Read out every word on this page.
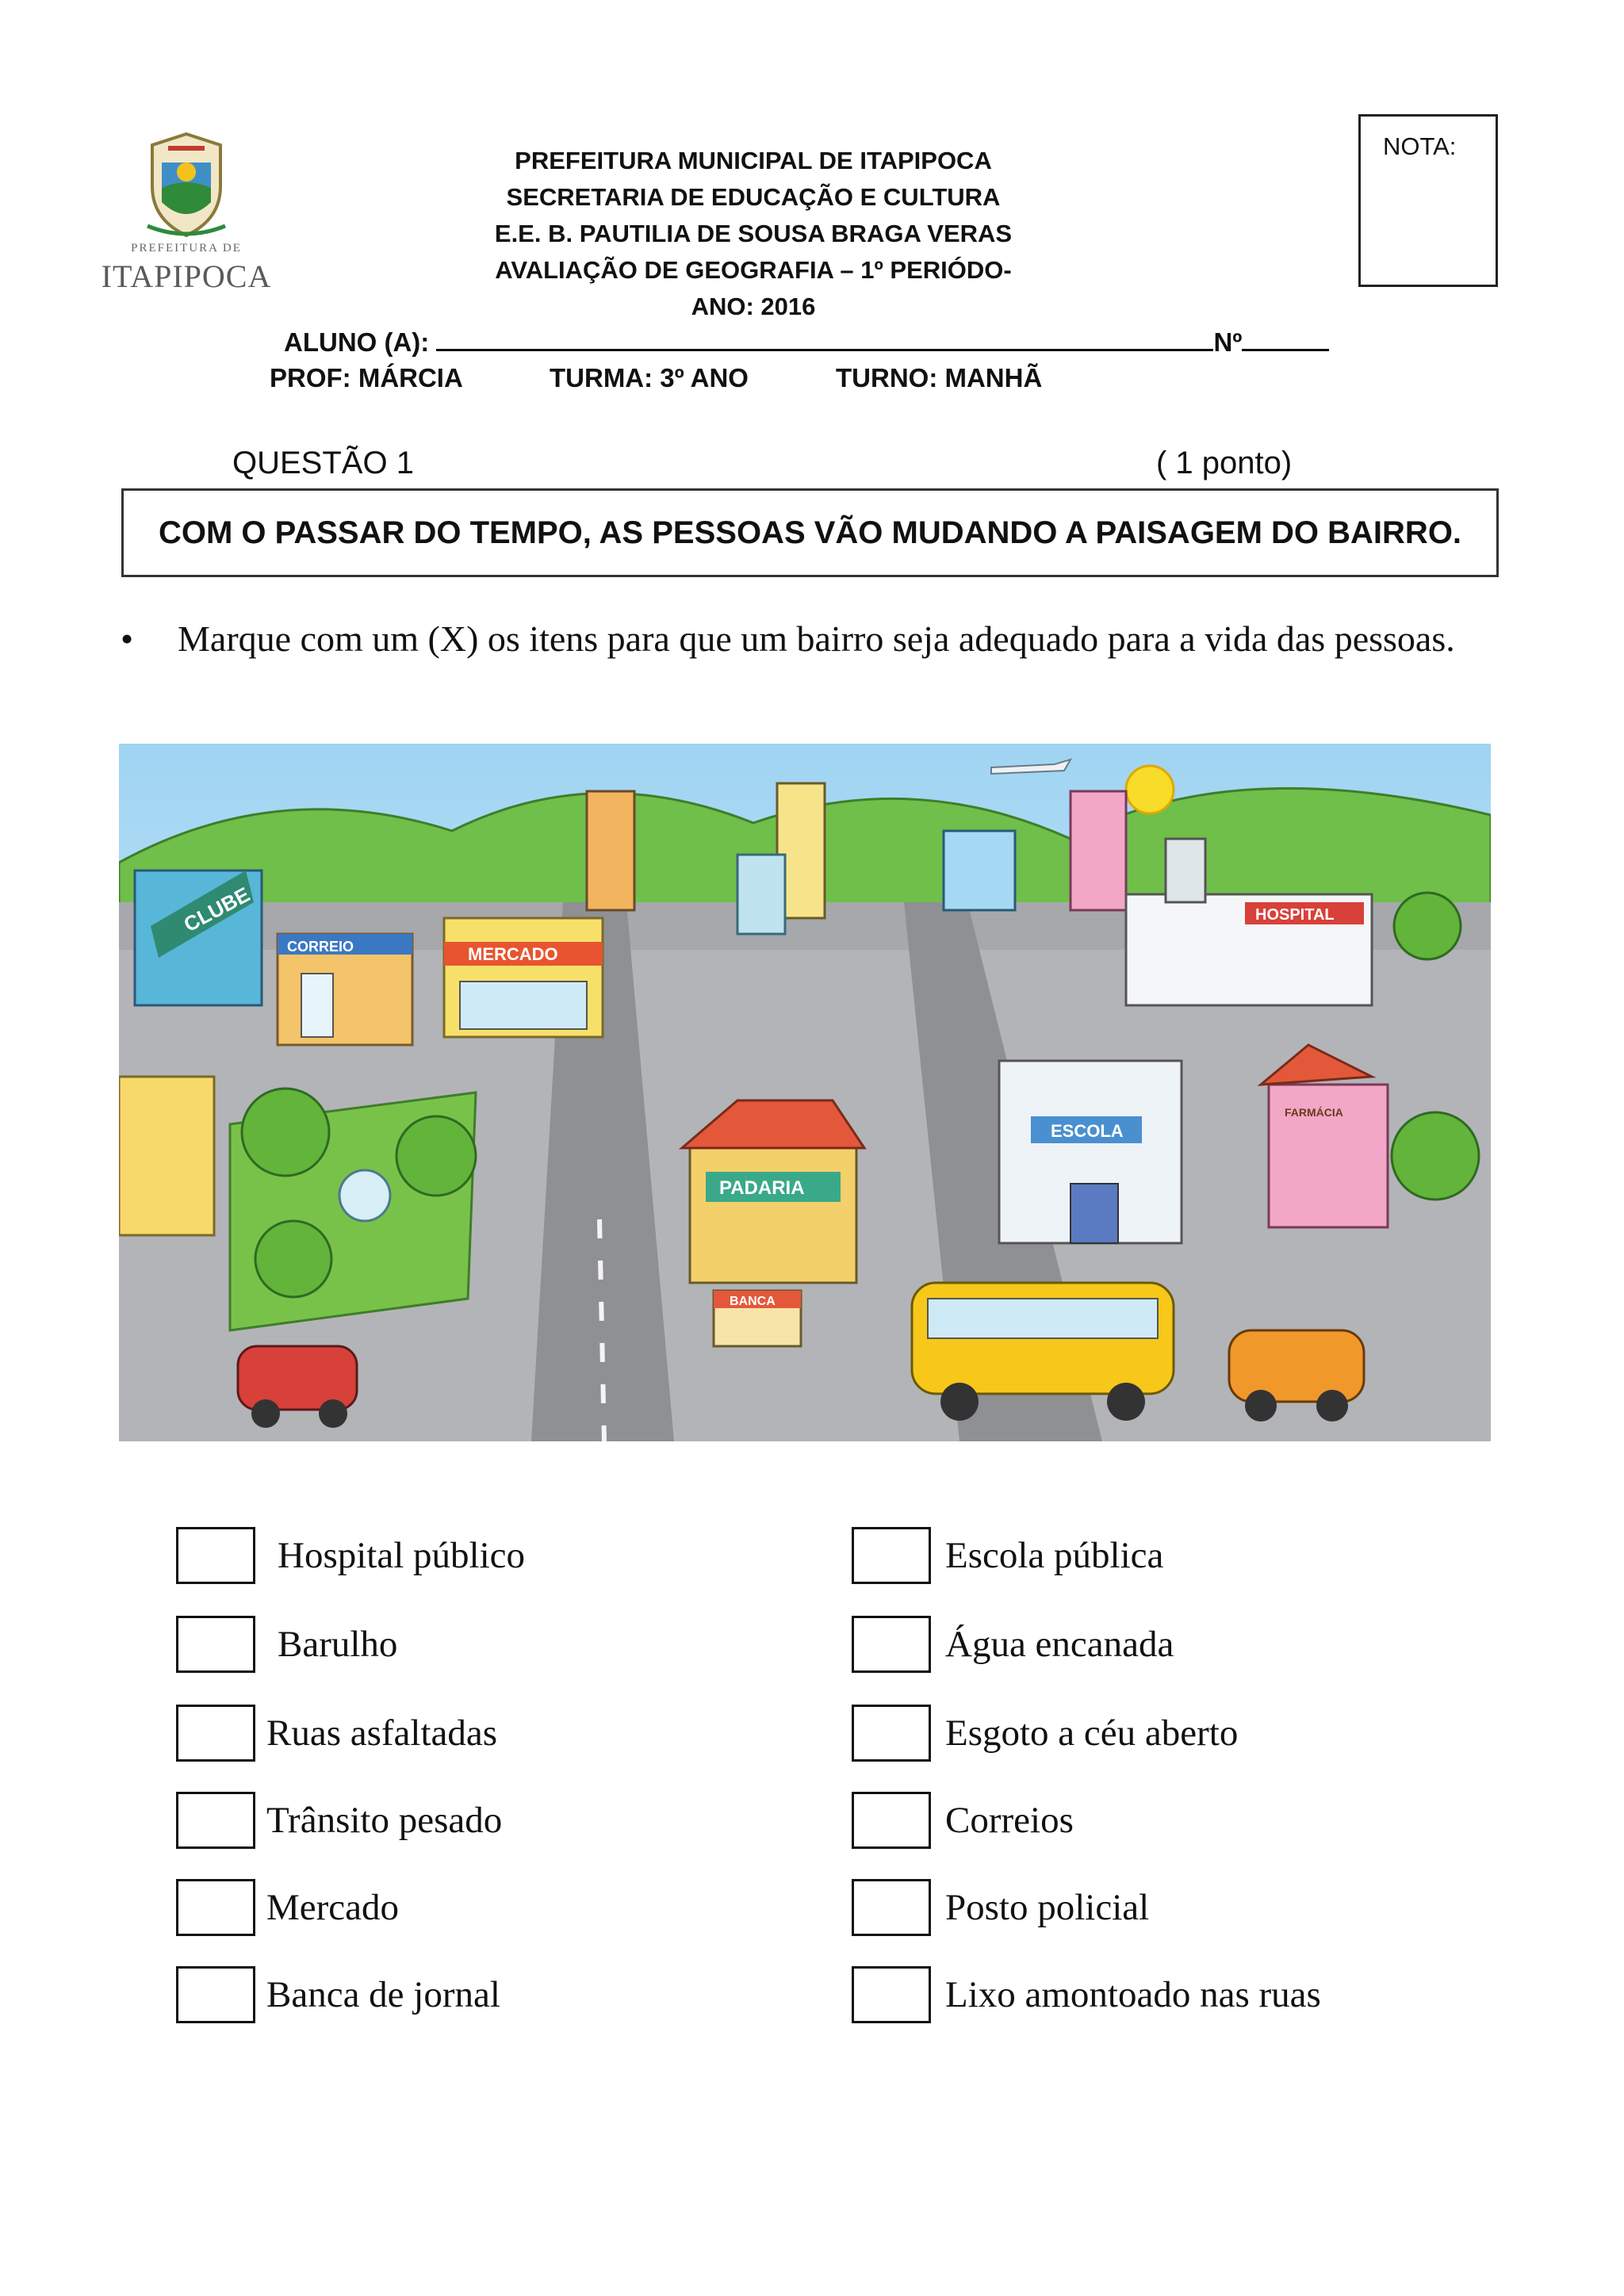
PREFEITURA DE
ITAPIPOCA
PREFEITURA MUNICIPAL DE ITAPIPOCA
SECRETARIA DE EDUCAÇÃO E CULTURA
E.E. B. PAUTILIA DE SOUSA BRAGA VERAS
AVALIAÇÃO DE GEOGRAFIA – 1º PERIÓDO- ANO: 2016
NOTA:
ALUNO (A):	Nº
PROF: MÁRCIA	TURMA: 3º ANO	TURNO: MANHÃ
QUESTÃO 1	( 1 ponto)
COM O PASSAR DO TEMPO, AS PESSOAS VÃO MUDANDO A PAISAGEM DO BAIRRO.
• Marque com um (X) os itens para que um bairro seja adequado para a vida das pessoas.
CLUBE
CORREIO	MERCADO
HOSPITAL
PADARIA
BANCA
ESCOLA
FARMÁCIA
Hospital público
Barulho
Ruas asfaltadas
Trânsito pesado
Mercado
Banca de jornal
Escola pública
Água encanada
Esgoto a céu aberto
Correios
Posto policial
Lixo amontoado nas ruas
